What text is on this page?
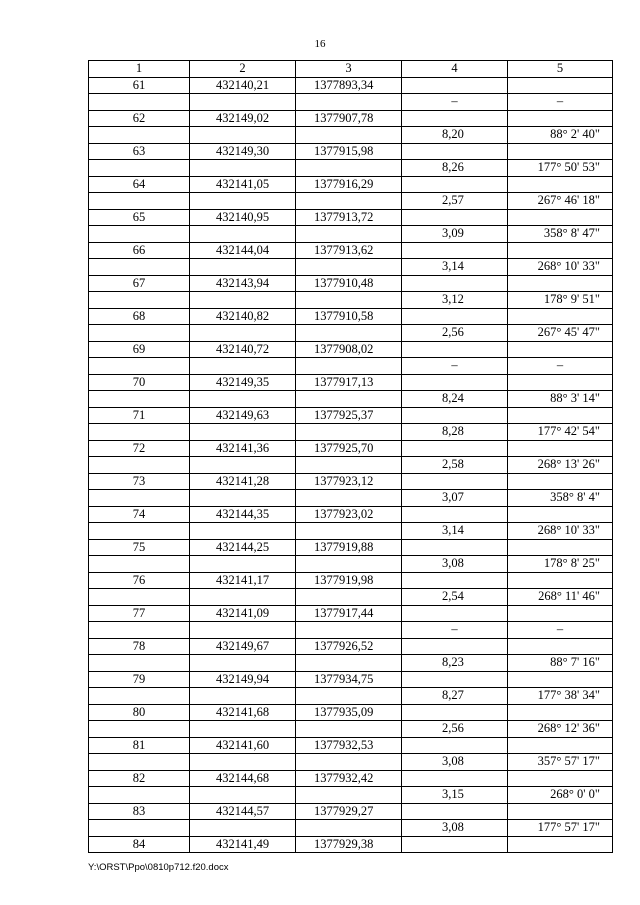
16
1	2	3	4	5
61	432140,21	1377893,34		
			–	–
62	432149,02	1377907,78		
			8,20	88° 2' 40"
63	432149,30	1377915,98		
			8,26	177° 50' 53"
64	432141,05	1377916,29		
			2,57	267° 46' 18"
65	432140,95	1377913,72		
			3,09	358° 8' 47"
66	432144,04	1377913,62		
			3,14	268° 10' 33"
67	432143,94	1377910,48		
			3,12	178° 9' 51"
68	432140,82	1377910,58		
			2,56	267° 45' 47"
69	432140,72	1377908,02		
			–	–
70	432149,35	1377917,13		
			8,24	88° 3' 14"
71	432149,63	1377925,37		
			8,28	177° 42' 54"
72	432141,36	1377925,70		
			2,58	268° 13' 26"
73	432141,28	1377923,12		
			3,07	358° 8' 4"
74	432144,35	1377923,02		
			3,14	268° 10' 33"
75	432144,25	1377919,88		
			3,08	178° 8' 25"
76	432141,17	1377919,98		
			2,54	268° 11' 46"
77	432141,09	1377917,44		
			–	–
78	432149,67	1377926,52		
			8,23	88° 7' 16"
79	432149,94	1377934,75		
			8,27	177° 38' 34"
80	432141,68	1377935,09		
			2,56	268° 12' 36"
81	432141,60	1377932,53		
			3,08	357° 57' 17"
82	432144,68	1377932,42		
			3,15	268° 0' 0"
83	432144,57	1377929,27		
			3,08	177° 57' 17"
84	432141,49	1377929,38		
Y:\ORST\Ppo\0810p712.f20.docx
